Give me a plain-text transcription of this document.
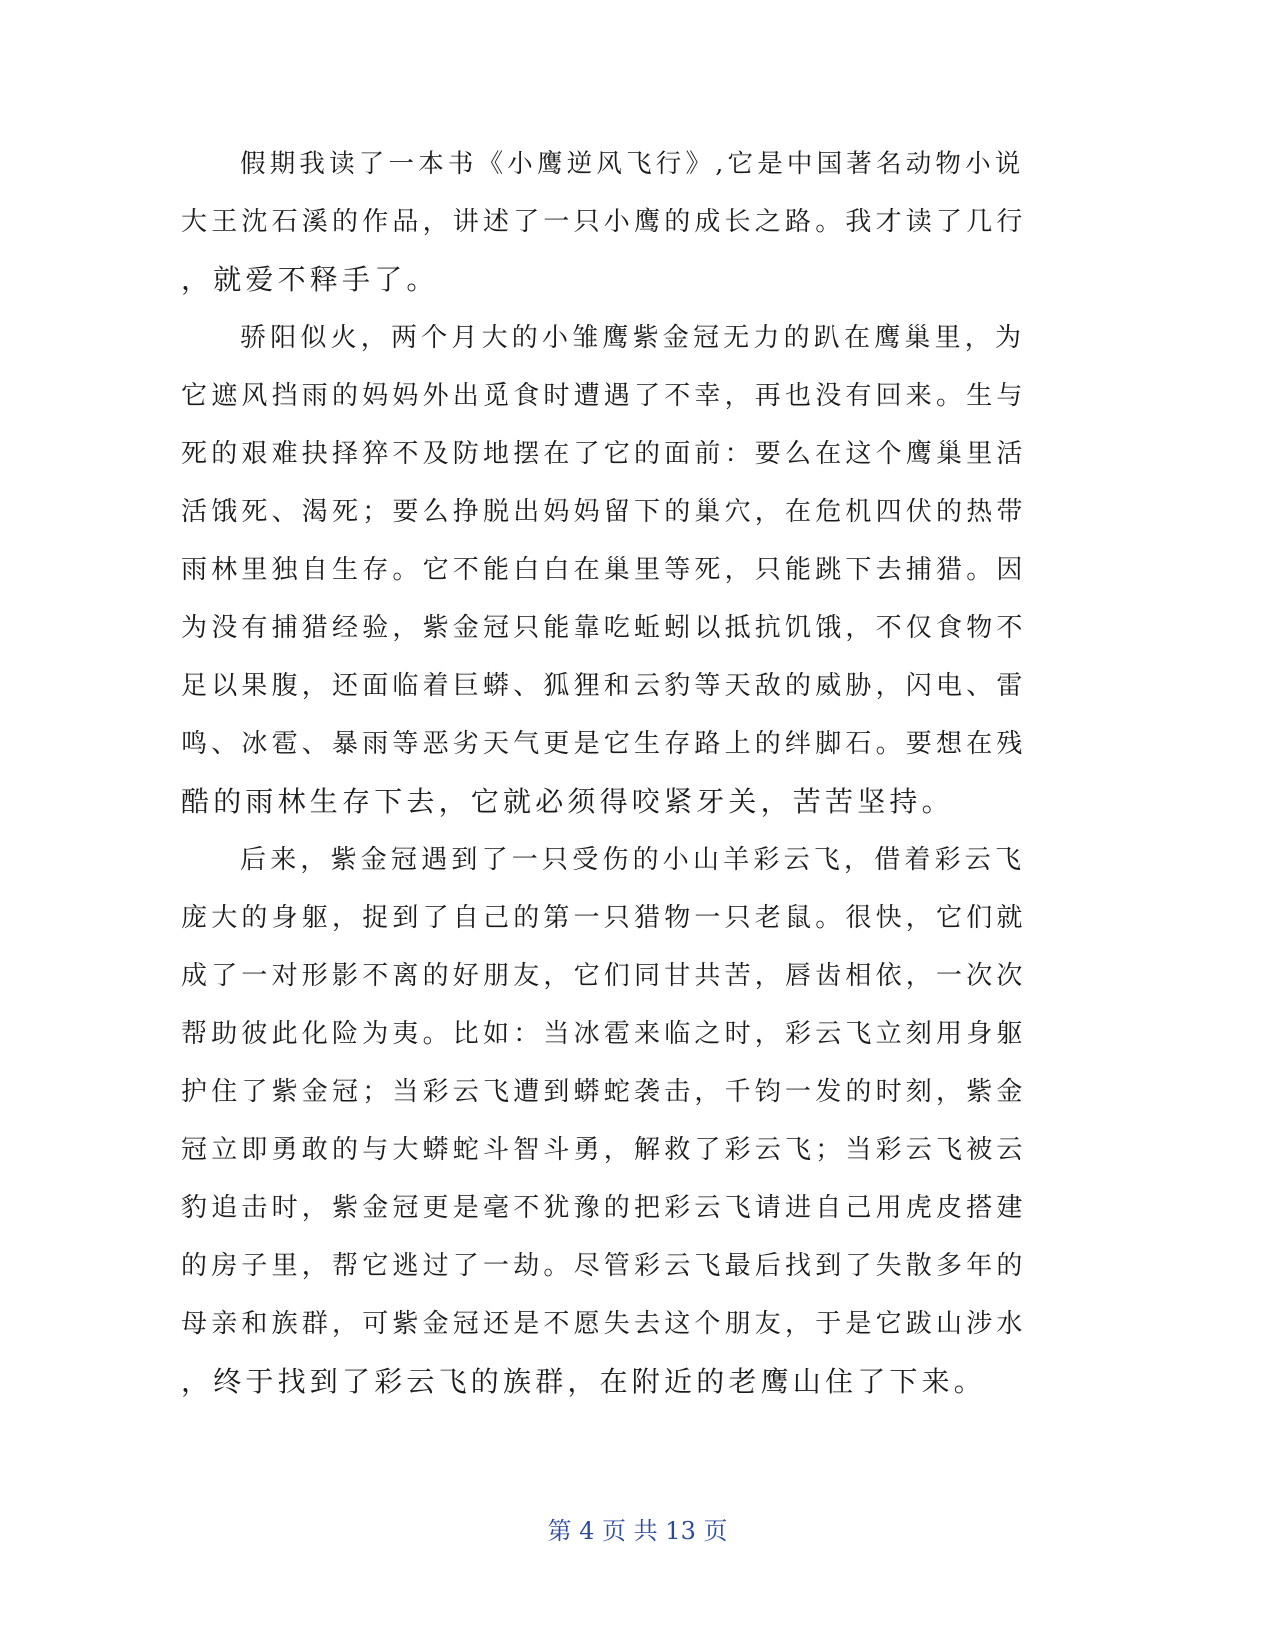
假期我读了一本书《小鹰逆风飞行》,它是中国著名动物小说
大王沈石溪的作品，讲述了一只小鹰的成长之路。我才读了几行
，就爱不释手了。
骄阳似火，两个月大的小雏鹰紫金冠无力的趴在鹰巢里，为
它遮风挡雨的妈妈外出觅食时遭遇了不幸，再也没有回来。生与
死的艰难抉择猝不及防地摆在了它的面前：要么在这个鹰巢里活
活饿死、渴死；要么挣脱出妈妈留下的巢穴，在危机四伏的热带
雨林里独自生存。它不能白白在巢里等死，只能跳下去捕猎。因
为没有捕猎经验，紫金冠只能靠吃蚯蚓以抵抗饥饿，不仅食物不
足以果腹，还面临着巨蟒、狐狸和云豹等天敌的威胁，闪电、雷
鸣、冰雹、暴雨等恶劣天气更是它生存路上的绊脚石。要想在残
酷的雨林生存下去，它就必须得咬紧牙关，苦苦坚持。
后来，紫金冠遇到了一只受伤的小山羊彩云飞，借着彩云飞
庞大的身躯，捉到了自己的第一只猎物一只老鼠。很快，它们就
成了一对形影不离的好朋友，它们同甘共苦，唇齿相依，一次次
帮助彼此化险为夷。比如：当冰雹来临之时，彩云飞立刻用身躯
护住了紫金冠；当彩云飞遭到蟒蛇袭击，千钧一发的时刻，紫金
冠立即勇敢的与大蟒蛇斗智斗勇，解救了彩云飞；当彩云飞被云
豹追击时，紫金冠更是毫不犹豫的把彩云飞请进自己用虎皮搭建
的房子里，帮它逃过了一劫。尽管彩云飞最后找到了失散多年的
母亲和族群，可紫金冠还是不愿失去这个朋友，于是它跋山涉水
，终于找到了彩云飞的族群，在附近的老鹰山住了下来。
第 4 页 共 13 页
